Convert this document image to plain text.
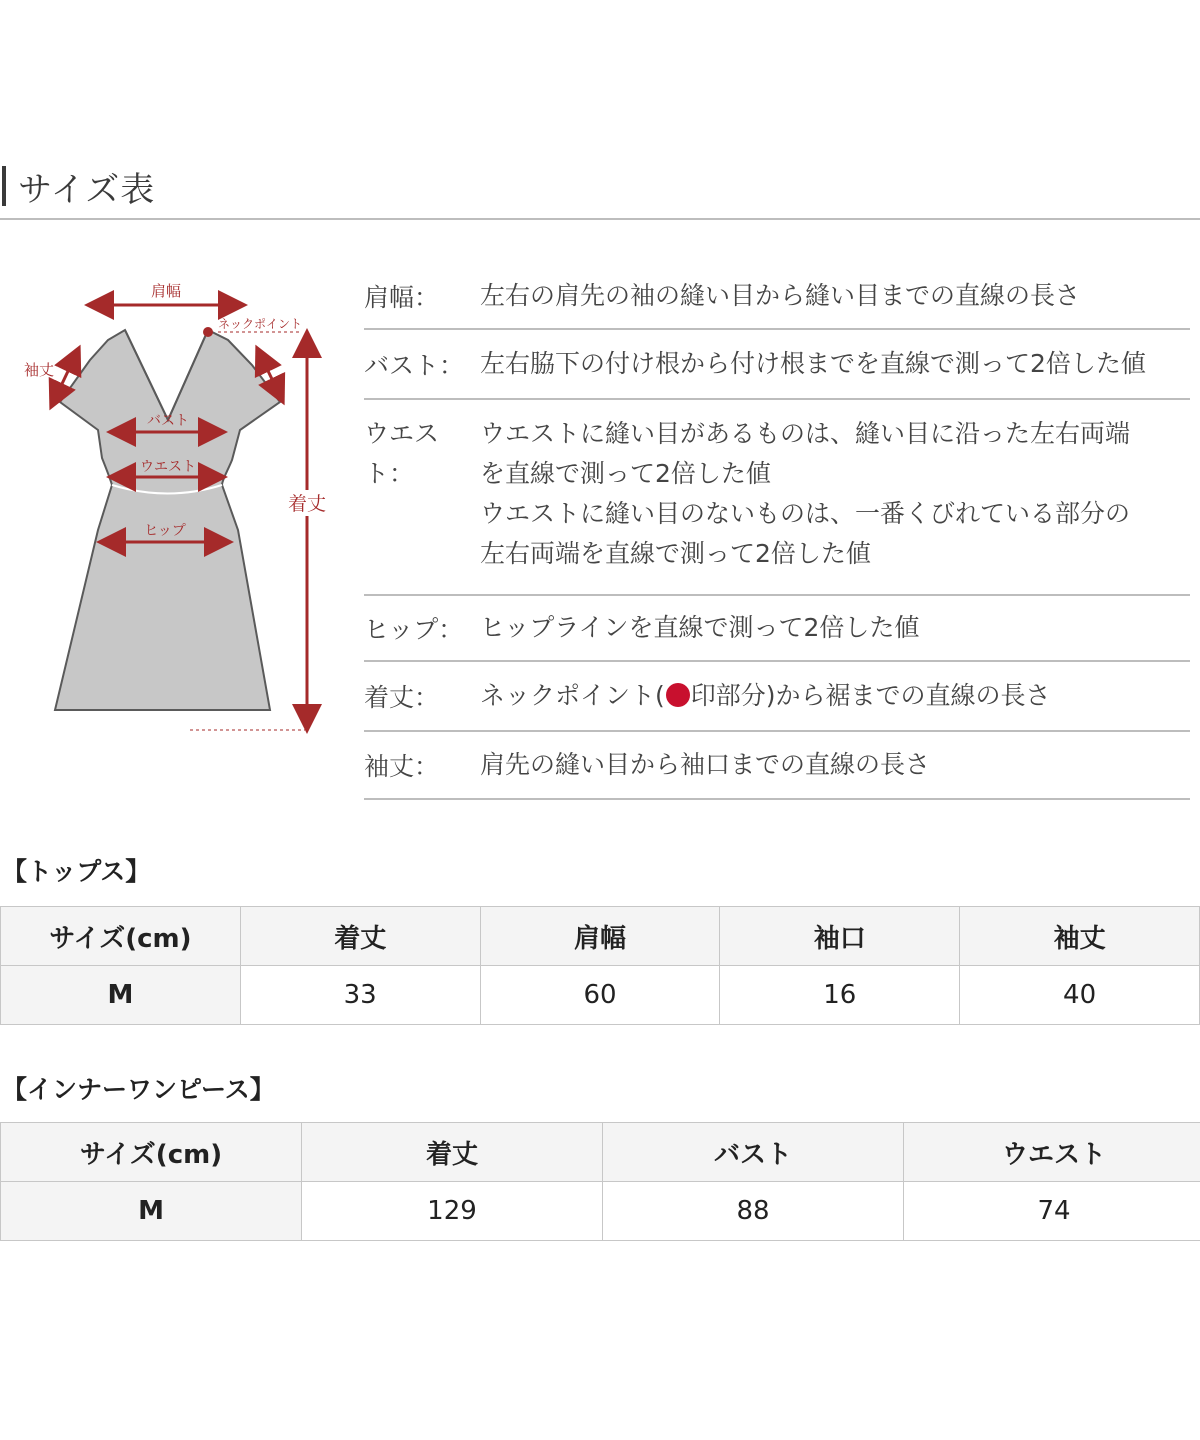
サイズ表
肩幅
ネックポイント
袖丈
バスト
ウエスト
ヒップ
着丈
肩幅：	左右の肩先の袖の縫い目から縫い目までの直線の長さ
バスト： 左右脇下の付け根から付け根までを直線で測って2倍した値
ウエスト：
ウエストに縫い目があるものは、縫い目に沿った左右両端
を直線で測って2倍した値
ウエストに縫い目のないものは、一番くびれている部分の
左右両端を直線で測って2倍した値
ヒップ： ヒップラインを直線で測って2倍した値
着丈：	ネックポイント( 印部分)から裾までの直線の長さ
袖丈：	肩先の縫い目から袖口までの直線の長さ
【トップス】
サイズ(cm)	着丈	肩幅	袖口	袖丈
M	33	60	16	40
【インナーワンピース】
サイズ(cm)	着丈	バスト	ウエスト
M	129	88	74
